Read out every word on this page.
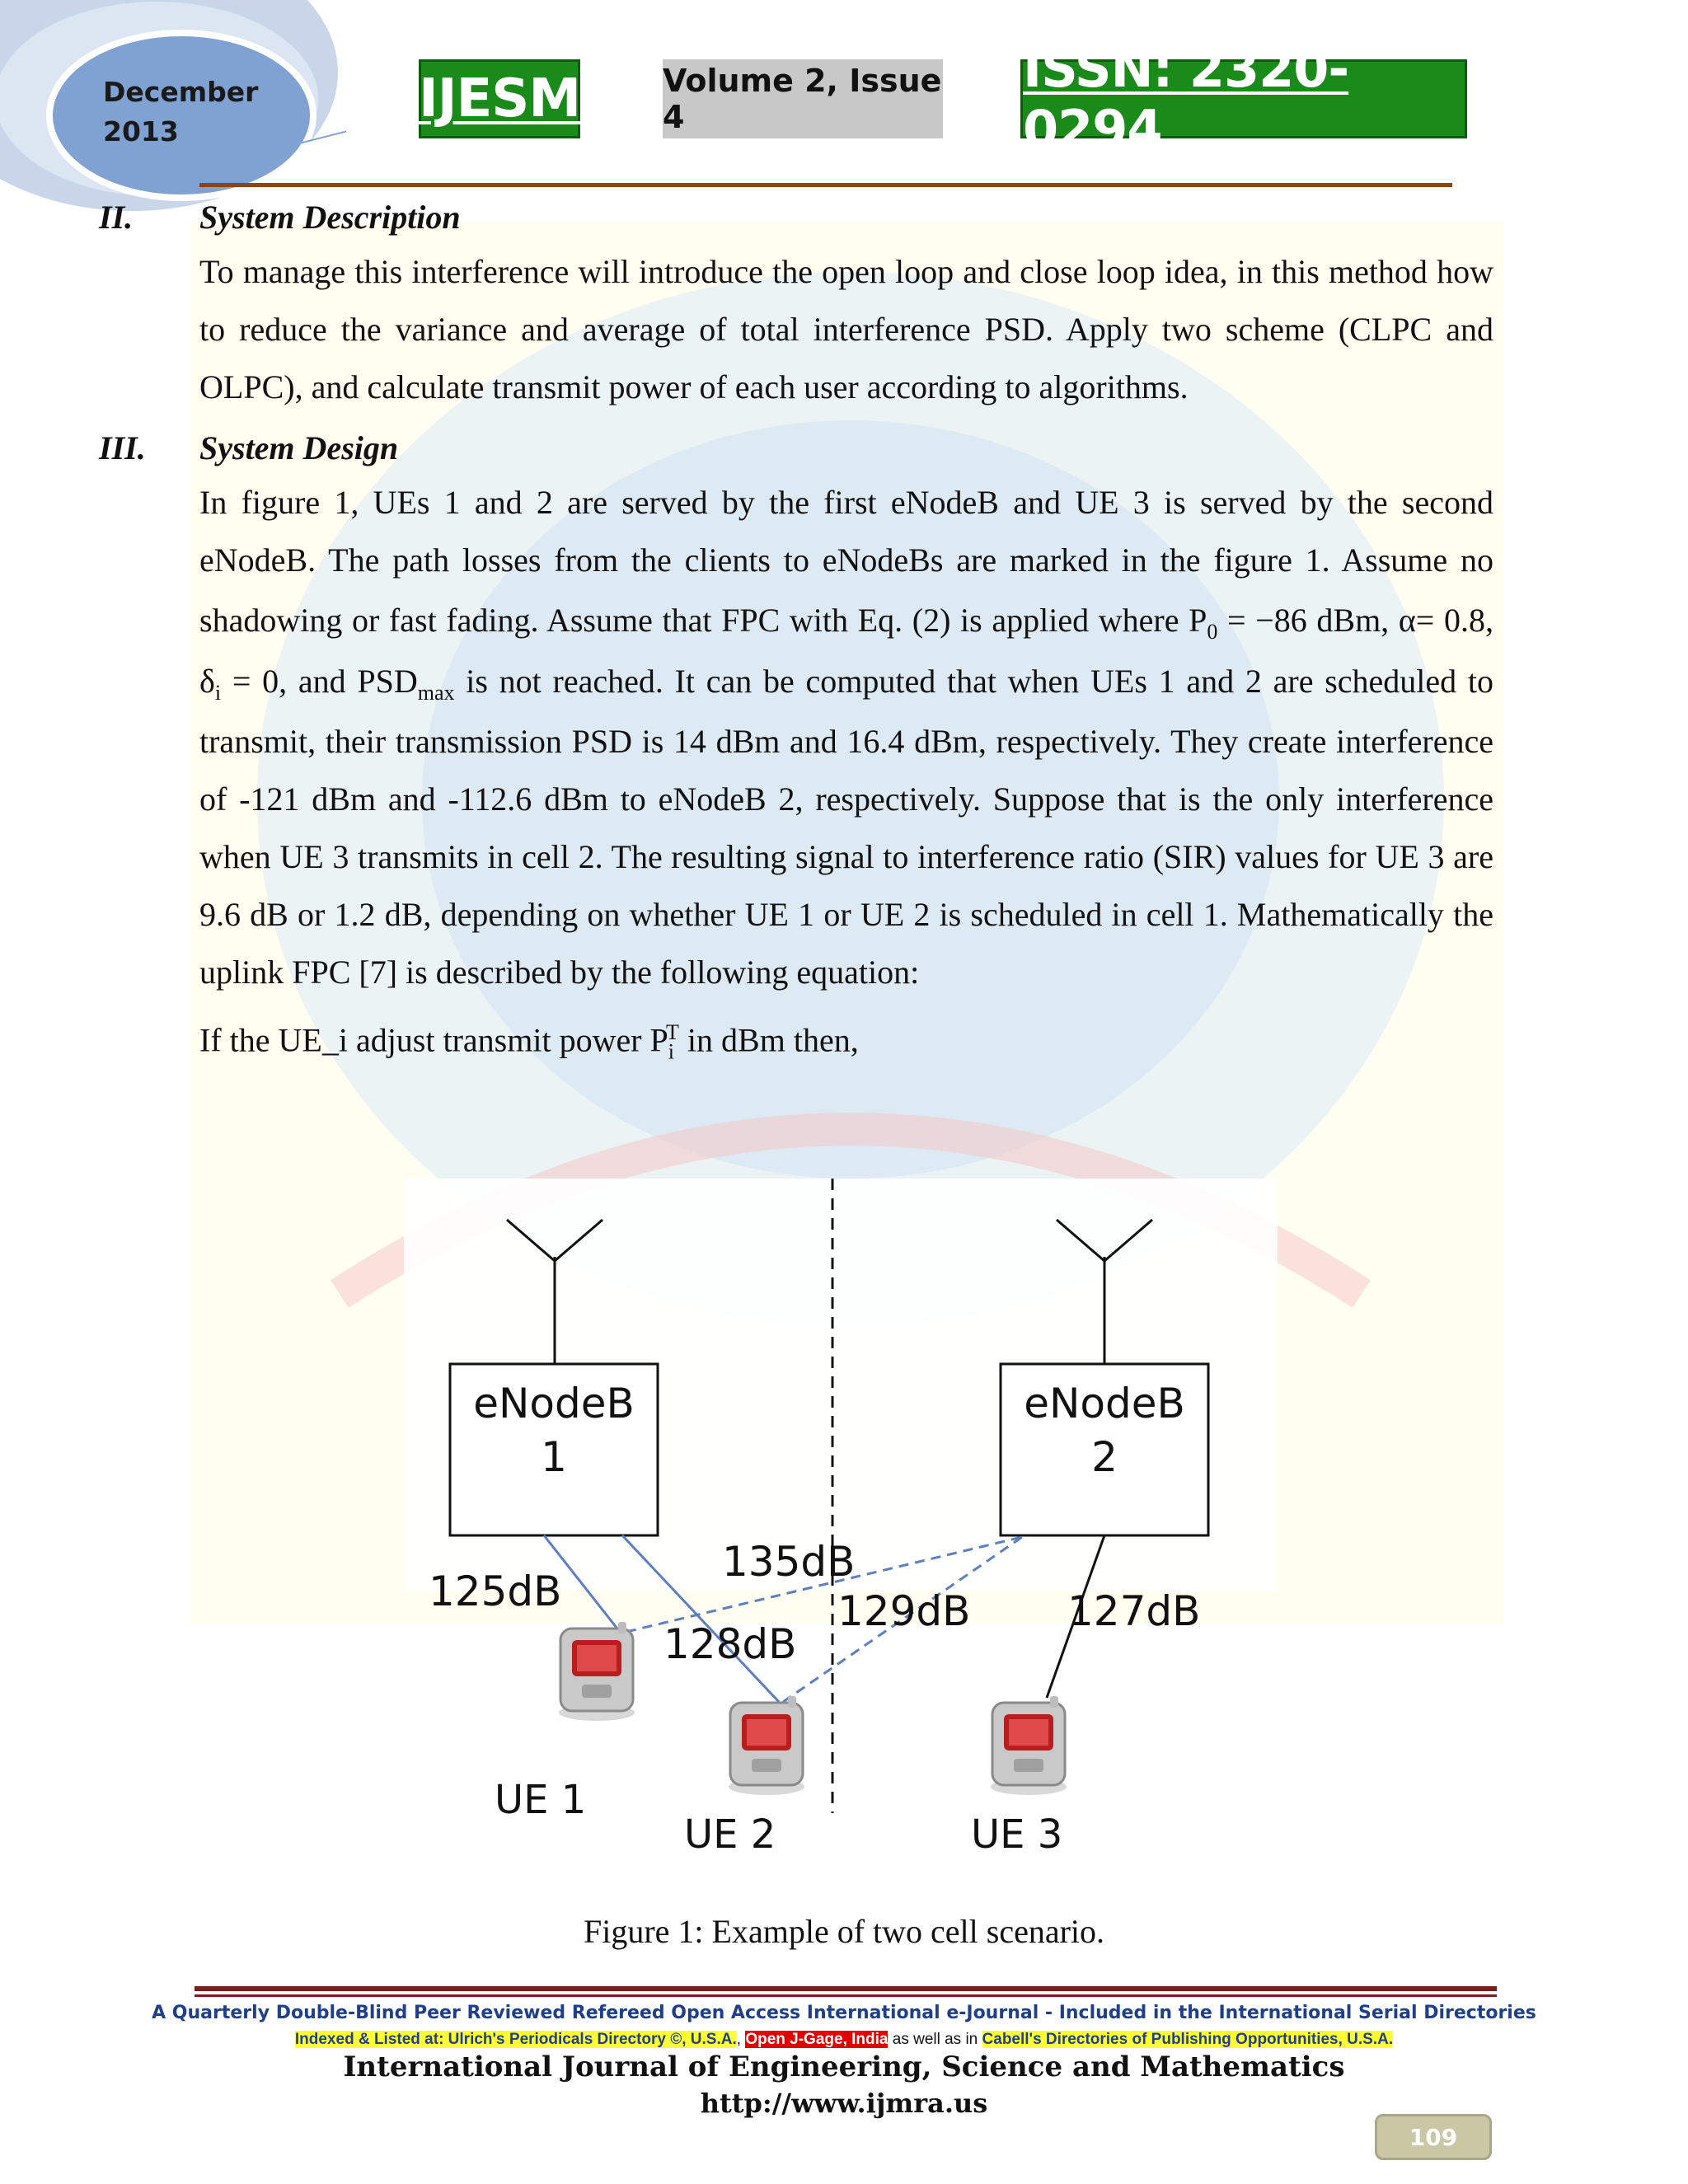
December
2013
IJESM	Volume 2, Issue 4
ISSN: 2320-0294
II. System Description
To manage this interference will introduce the open loop and close loop idea, in this method how
to reduce the variance and average of total interference PSD. Apply two scheme (CLPC and
OLPC), and calculate transmit power of each user according to algorithms.
III. System Design
In figure 1, UEs 1 and 2 are served by the first eNodeB and UE 3 is served by the second
eNodeB. The path losses from the clients to eNodeBs are marked in the figure 1. Assume no
shadowing or fast fading. Assume that FPC with Eq. (2) is applied where $P_0 = -86$ dBm, α= 0.8,
$\delta_i = 0$, and $PSD_{max}$ is not reached. It can be computed that when UEs 1 and 2 are scheduled to
transmit, their transmission PSD is 14 dBm and 16.4 dBm, respectively. They create interference
of -121 dBm and -112.6 dBm to eNodeB 2, respectively. Suppose that is the only interference
when UE 3 transmits in cell 2. The resulting signal to interference ratio (SIR) values for UE 3 are
9.6 dB or 1.2 dB, depending on whether UE 1 or UE 2 is scheduled in cell 1. Mathematically the
uplink FPC [7] is described by the following equation:
If the UE_i adjust transmit power $P_i^T$ in dBm then,
eNodeB
1
eNodeB
2
125dB
135dB
129dB
128dB
127dB
UE 1
UE 2	UE 3
Figure 1: Example of two cell scenario.
A Quarterly Double-Blind Peer Reviewed Refereed Open Access International e-Journal - Included in the International Serial Directories
Indexed & Listed at: Ulrich's Periodicals Directory ©, U.S.A., Open J-Gage, India as well as in Cabell's Directories of Publishing Opportunities, U.S.A.
International Journal of Engineering, Science and Mathematics
http://www.ijmra.us
109
